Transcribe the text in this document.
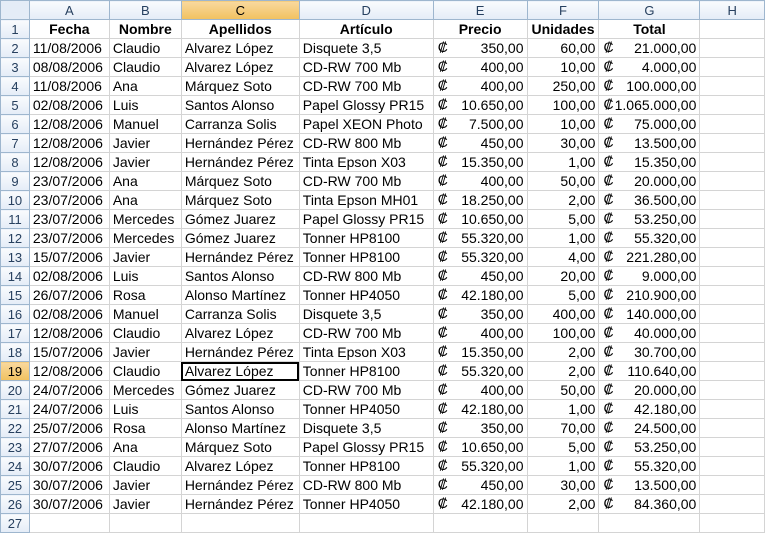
	A	B	C	D	E	F	G	H
1	Fecha	Nombre	Apellidos	Artículo	Precio	Unidades	Total	
2	11/08/2006	Claudio	Alvarez López	Disquete 3,5	₡ 350,00	60,00	₡ 21.000,00	
3	08/08/2006	Claudio	Alvarez López	CD-RW 700 Mb	₡ 400,00	10,00	₡ 4.000,00	
4	11/08/2006	Ana	Márquez Soto	CD-RW 700 Mb	₡ 400,00	250,00	₡ 100.000,00	
5	02/08/2006	Luis	Santos Alonso	Papel Glossy PR15	₡ 10.650,00	100,00	₡ 1.065.000,00	
6	12/08/2006	Manuel	Carranza Solis	Papel XEON Photo	₡ 7.500,00	10,00	₡ 75.000,00	
7	12/08/2006	Javier	Hernández Pérez	CD-RW 800 Mb	₡ 450,00	30,00	₡ 13.500,00	
8	12/08/2006	Javier	Hernández Pérez	Tinta Epson X03	₡ 15.350,00	1,00	₡ 15.350,00	
9	23/07/2006	Ana	Márquez Soto	CD-RW 700 Mb	₡ 400,00	50,00	₡ 20.000,00	
10	23/07/2006	Ana	Márquez Soto	Tinta Epson MH01	₡ 18.250,00	2,00	₡ 36.500,00	
11	23/07/2006	Mercedes	Gómez Juarez	Papel Glossy PR15	₡ 10.650,00	5,00	₡ 53.250,00	
12	23/07/2006	Mercedes	Gómez Juarez	Tonner HP8100	₡ 55.320,00	1,00	₡ 55.320,00	
13	15/07/2006	Javier	Hernández Pérez	Tonner HP8100	₡ 55.320,00	4,00	₡ 221.280,00	
14	02/08/2006	Luis	Santos Alonso	CD-RW 800 Mb	₡ 450,00	20,00	₡ 9.000,00	
15	26/07/2006	Rosa	Alonso Martínez	Tonner HP4050	₡ 42.180,00	5,00	₡ 210.900,00	
16	02/08/2006	Manuel	Carranza Solis	Disquete 3,5	₡ 350,00	400,00	₡ 140.000,00	
17	12/08/2006	Claudio	Alvarez López	CD-RW 700 Mb	₡ 400,00	100,00	₡ 40.000,00	
18	15/07/2006	Javier	Hernández Pérez	Tinta Epson X03	₡ 15.350,00	2,00	₡ 30.700,00	
19	12/08/2006	Claudio	Alvarez López	Tonner HP8100	₡ 55.320,00	2,00	₡ 110.640,00	
20	24/07/2006	Mercedes	Gómez Juarez	CD-RW 700 Mb	₡ 400,00	50,00	₡ 20.000,00	
21	24/07/2006	Luis	Santos Alonso	Tonner HP4050	₡ 42.180,00	1,00	₡ 42.180,00	
22	25/07/2006	Rosa	Alonso Martínez	Disquete 3,5	₡ 350,00	70,00	₡ 24.500,00	
23	27/07/2006	Ana	Márquez Soto	Papel Glossy PR15	₡ 10.650,00	5,00	₡ 53.250,00	
24	30/07/2006	Claudio	Alvarez López	Tonner HP8100	₡ 55.320,00	1,00	₡ 55.320,00	
25	30/07/2006	Javier	Hernández Pérez	CD-RW 800 Mb	₡ 450,00	30,00	₡ 13.500,00	
26	30/07/2006	Javier	Hernández Pérez	Tonner HP4050	₡ 42.180,00	2,00	₡ 84.360,00	
27								
